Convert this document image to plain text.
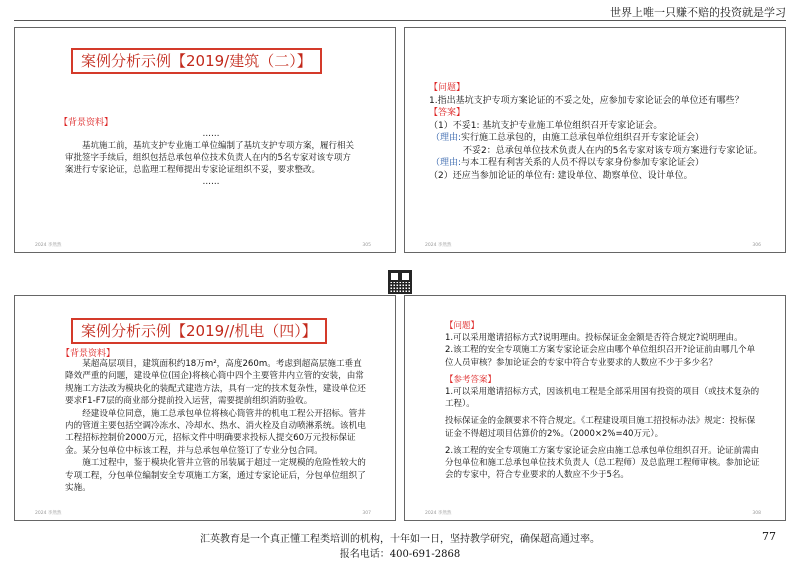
世界上唯一只赚不赔的投资就是学习
案例分析示例【2019/建筑（二）】
【背景资料】

……

基坑施工前，基坑支护专业施工单位编制了基坑支护专项方案，履行相关审批签字手续后，组织包括总承包单位技术负责人在内的5名专家对该专项方案进行专家论证，总监理工程师提出专家论证组织不妥，要求整改。

……

2024 李然然	305

【问题】

1.指出基坑支护专项方案论证的不妥之处，应参加专家论证会的单位还有哪些？

【答案】

（1）不妥1: 基坑支护专业施工单位组织召开专家论证会。

（理由:实行施工总承包的，由施工总承包单位组织召开专家论证会）

不妥2：总承包单位技术负责人在内的5名专家对该专项方案进行专家论证。

（理由:与本工程有利害关系的人员不得以专家身份参加专家论证会）

（2）还应当参加论证的单位有: 建设单位、勘察单位、设计单位。

2024 李然然	306
案例分析示例【2019//机电（四）】
【背景资料】

某超高层项目，建筑面积约18万m²，高度260m。考虑到超高层施工垂直降效严重的问题，建设单位(国企)将核心筒中四个主要管井内立管的安装，由常规施工方法改为模块化的装配式建造方法，具有一定的技术复杂性，建设单位还要求F1-F7层的商业部分提前投入运营，需要提前组织消防验收。

经建设单位同意，施工总承包单位将核心筒管井的机电工程公开招标。管井内的管道主要包括空调冷冻水、冷却水、热水、消火栓及自动喷淋系统。该机电工程招标控制价2000万元，招标文件中明确要求投标人提交60万元投标保证金。某分包单位中标该工程，并与总承包单位签订了专业分包合同。

施工过程中，鉴于模块化管井立管的吊装属于超过一定规模的危险性较大的专项工程，分包单位编制安全专项施工方案，通过专家论证后，分包单位组织了实施。

2024 李然然	307

【问题】

1.可以采用邀请招标方式?说明理由。投标保证金金额是否符合规定?说明理由。

2.该工程的安全专项施工方案专家论证会应由哪个单位组织召开?论证前由哪几个单位人员审核？参加论证会的专家中符合专业要求的人数应不少于多少名？

【参考答案】

1.可以采用邀请招标方式，因该机电工程是全部采用国有投资的项目（或技术复杂的工程）。

投标保证金的金额要求不符合规定。《工程建设项目施工招投标办法》规定：投标保证金不得超过项目估算价的2%。（2000×2%=40万元）。

2.该工程的安全专项施工方案专家论证会应由施工总承包单位组织召开。论证前需由分包单位和施工总承包单位技术负责人（总工程师）及总监理工程师审核。参加论证会的专家中，符合专业要求的人数应不少于5名。

2024 李然然	308
汇英教育是一个真正懂工程类培训的机构，十年如一日，坚持教学研究，确保超高通过率。
报名电话：400-691-2868
77
